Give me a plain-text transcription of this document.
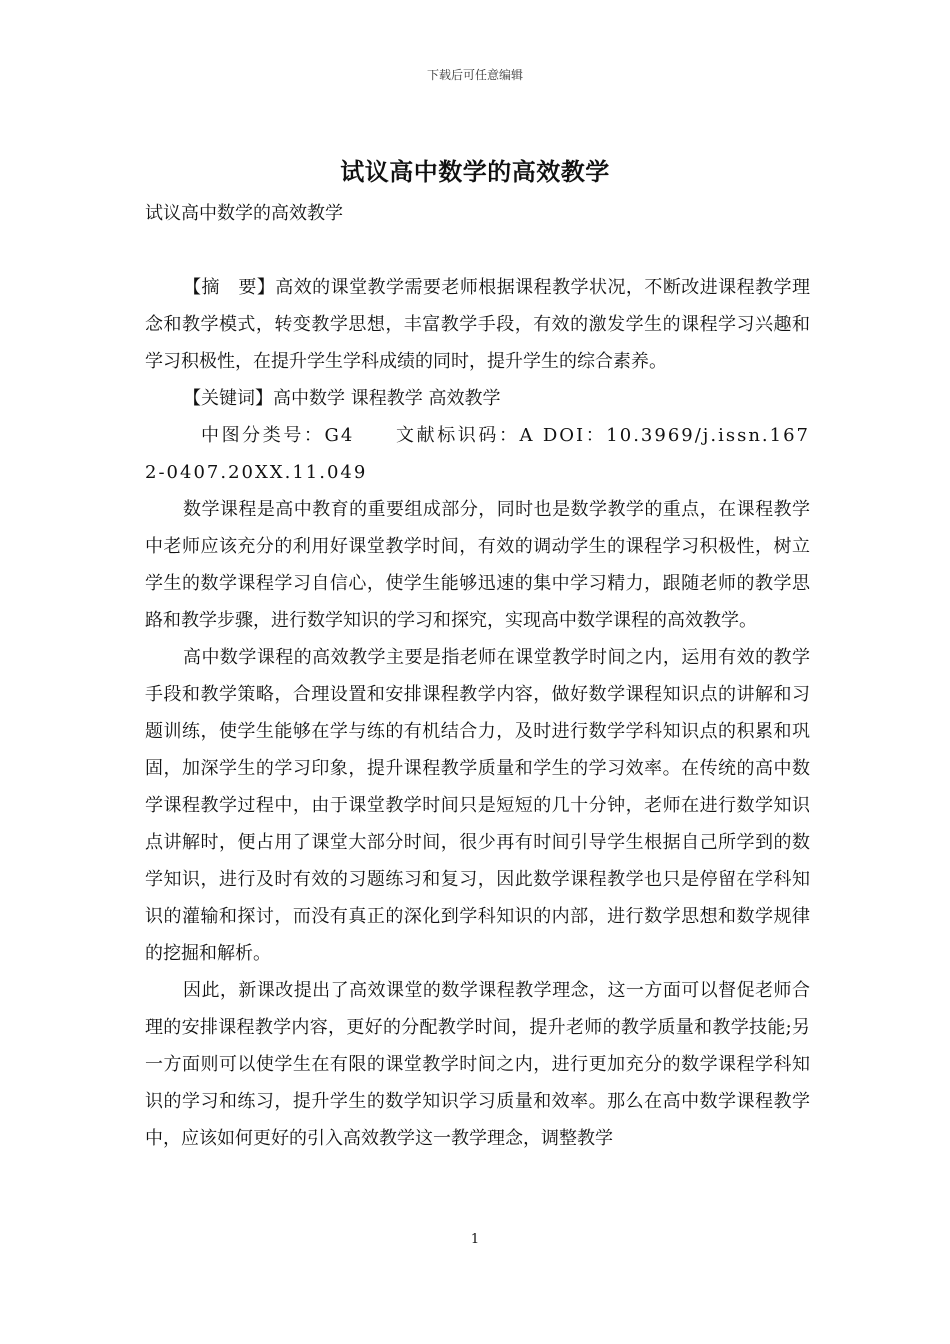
下载后可任意编辑
试议高中数学的高效教学

试议高中数学的高效教学

【摘　要】高效的课堂教学需要老师根据课程教学状况，不断改进课程教学理念和教学模式，转变教学思想，丰富教学手段，有效的激发学生的课程学习兴趣和学习积极性，在提升学生学科成绩的同时，提升学生的综合素养。

【关键词】高中数学 课程教学 高效教学

中图分类号：G4　　文献标识码：A DOI：10.3969/j.issn.1672-0407.20XX.11.049

数学课程是高中教育的重要组成部分，同时也是数学教学的重点，在课程教学中老师应该充分的利用好课堂教学时间，有效的调动学生的课程学习积极性，树立学生的数学课程学习自信心，使学生能够迅速的集中学习精力，跟随老师的教学思路和教学步骤，进行数学知识的学习和探究，实现高中数学课程的高效教学。

高中数学课程的高效教学主要是指老师在课堂教学时间之内，运用有效的教学手段和教学策略，合理设置和安排课程教学内容，做好数学课程知识点的讲解和习题训练，使学生能够在学与练的有机结合力，及时进行数学学科知识点的积累和巩固，加深学生的学习印象，提升课程教学质量和学生的学习效率。在传统的高中数学课程教学过程中，由于课堂教学时间只是短短的几十分钟，老师在进行数学知识点讲解时，便占用了课堂大部分时间，很少再有时间引导学生根据自己所学到的数学知识，进行及时有效的习题练习和复习，因此数学课程教学也只是停留在学科知识的灌输和探讨，而没有真正的深化到学科知识的内部，进行数学思想和数学规律的挖掘和解析。

因此，新课改提出了高效课堂的数学课程教学理念，这一方面可以督促老师合理的安排课程教学内容，更好的分配教学时间，提升老师的教学质量和教学技能;另一方面则可以使学生在有限的课堂教学时间之内，进行更加充分的数学课程学科知识的学习和练习，提升学生的数学知识学习质量和效率。那么在高中数学课程教学中，应该如何更好的引入高效教学这一教学理念，调整教学

1
